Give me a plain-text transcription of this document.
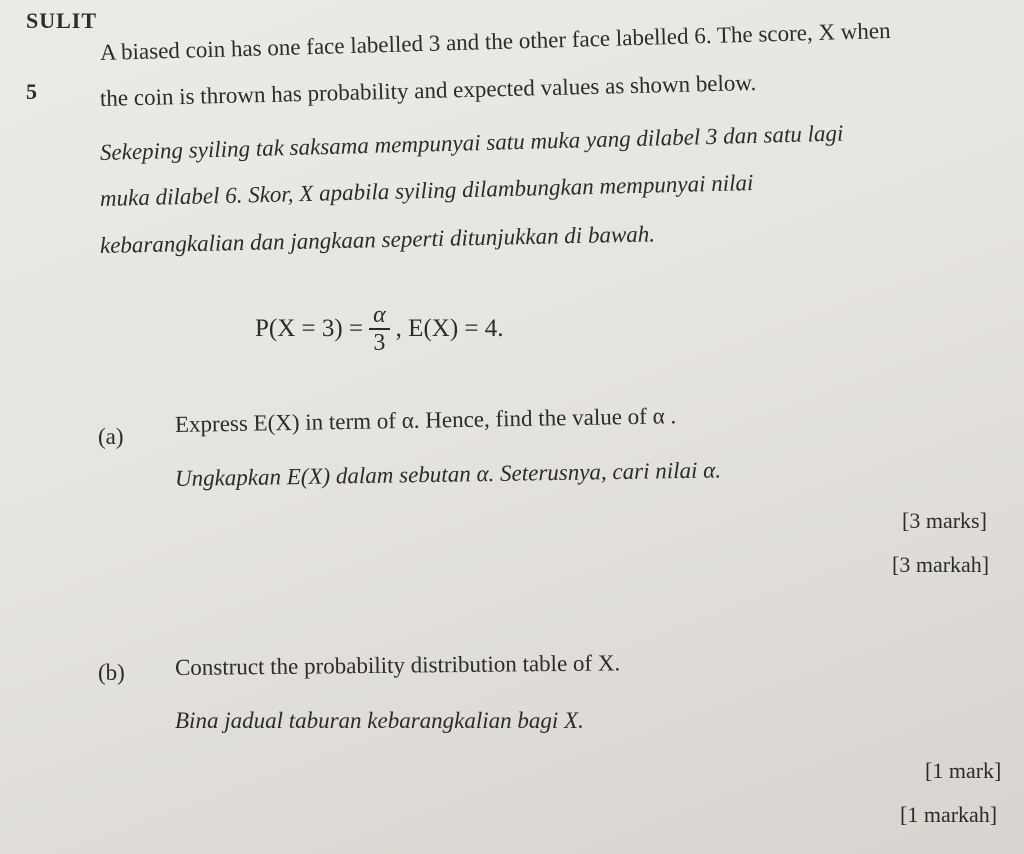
SULIT
5
A biased coin has one face labelled 3 and the other face labelled 6. The score, X when
the coin is thrown has probability and expected values as shown below.
Sekeping syiling tak saksama mempunyai satu muka yang dilabel 3 dan satu lagi
muka dilabel 6. Skor, X apabila syiling dilambungkan mempunyai nilai
kebarangkalian dan jangkaan seperti ditunjukkan di bawah.
$P(X = 3) = \frac{\alpha}{3}$ , E(X) = 4.
(a) Express E(X) in term of α. Hence, find the value of α .
Ungkapkan E(X) dalam sebutan α. Seterusnya, cari nilai α.
[3 marks]
[3 markah]
(b) Construct the probability distribution table of X.
Bina jadual taburan kebarangkalian bagi X.
[1 mark]
[1 markah]
